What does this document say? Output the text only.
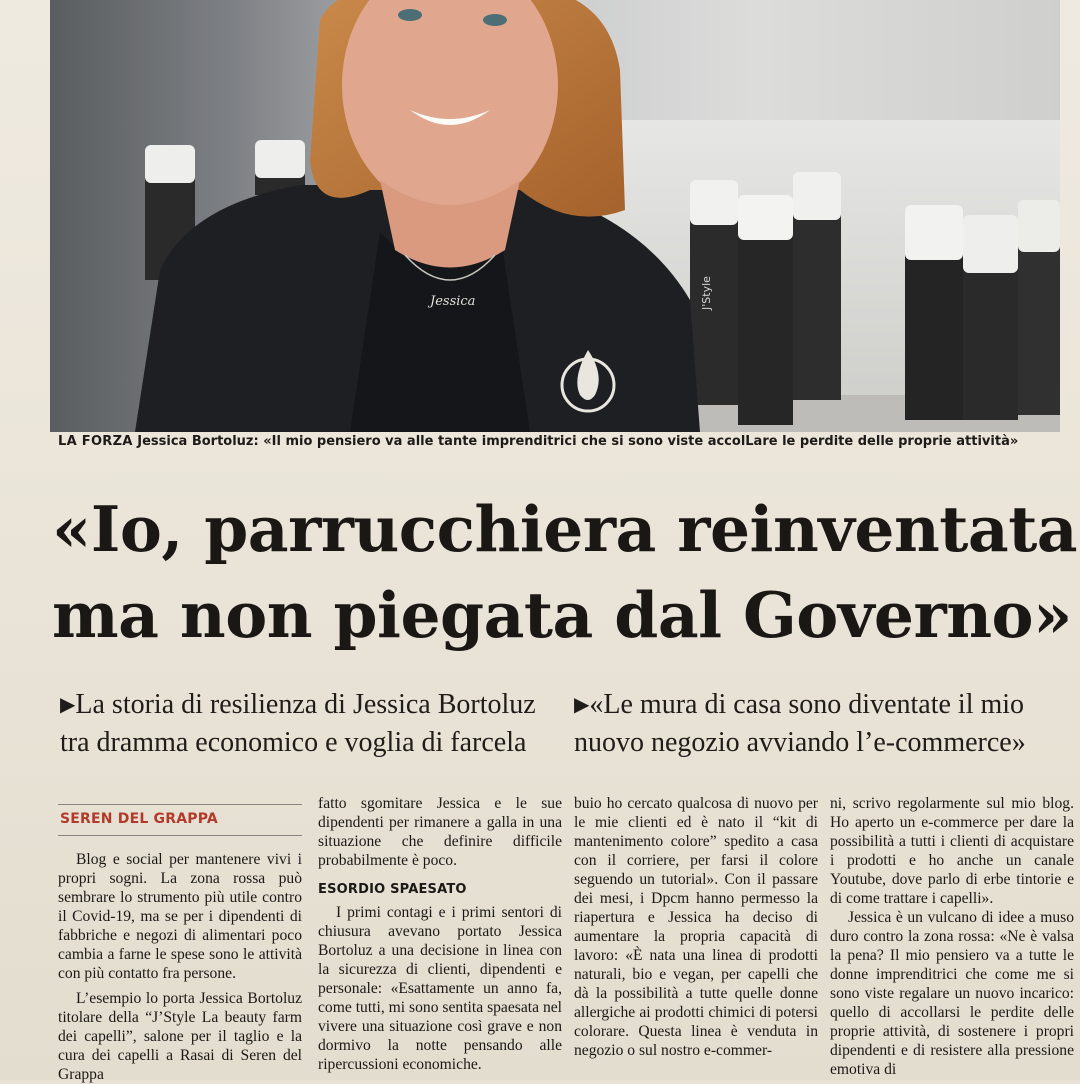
J'Style
Jessica
LA FORZA Jessica Bortoluz: «Il mio pensiero va alle tante imprenditrici che si sono viste accolLare le perdite delle proprie attività»
«Io, parrucchiera reinventata
ma non piegata dal Governo»
▶La storia di resilienza di Jessica Bortoluz
tra dramma economico e voglia di farcela
▶«Le mura di casa sono diventate il mio
nuovo negozio avviando l’e-commerce»
SEREN DEL GRAPPA

Blog e social per mantenere vivi i propri sogni. La zona rossa può sembrare lo strumento più utile contro il Covid-19, ma se per i dipendenti di fabbriche e negozi di alimentari poco cambia a farne le spese sono le attività con più contatto fra persone.

L’esempio lo porta Jessica Bortoluz titolare della “J’Style La beauty farm dei capelli”, salone per il taglio e la cura dei capelli a Rasai di Seren del Grappa

fatto sgomitare Jessica e le sue dipendenti per rimanere a galla in una situazione che definire difficile probabilmente è poco.

ESORDIO SPAESATO

I primi contagi e i primi sentori di chiusura avevano portato Jessica Bortoluz a una decisione in linea con la sicurezza di clienti, dipendenti e personale: «Esattamente un anno fa, come tutti, mi sono sentita spaesata nel vivere una situazione così grave e non dormivo la notte pensando alle ripercussioni economiche.

buio ho cercato qualcosa di nuovo per le mie clienti ed è nato il “kit di mantenimento colore” spedito a casa con il corriere, per farsi il colore seguendo un tutorial». Con il passare dei mesi, i Dpcm hanno permesso la riapertura e Jessica ha deciso di aumentare la propria capacità di lavoro: «È nata una linea di prodotti naturali, bio e vegan, per capelli che dà la possibilità a tutte quelle donne allergiche ai prodotti chimici di potersi colorare. Questa linea è venduta in negozio o sul nostro e-commer-

ni, scrivo regolarmente sul mio blog. Ho aperto un e-commerce per dare la possibilità a tutti i clienti di acquistare i prodotti e ho anche un canale Youtube, dove parlo di erbe tintorie e di come trattare i capelli».

Jessica è un vulcano di idee a muso duro contro la zona rossa: «Ne è valsa la pena? Il mio pensiero va a tutte le donne imprenditrici che come me si sono viste regalare un nuovo incarico: quello di accollarsi le perdite delle proprie attività, di sostenere i propri dipendenti e di resistere alla pressione emotiva di
